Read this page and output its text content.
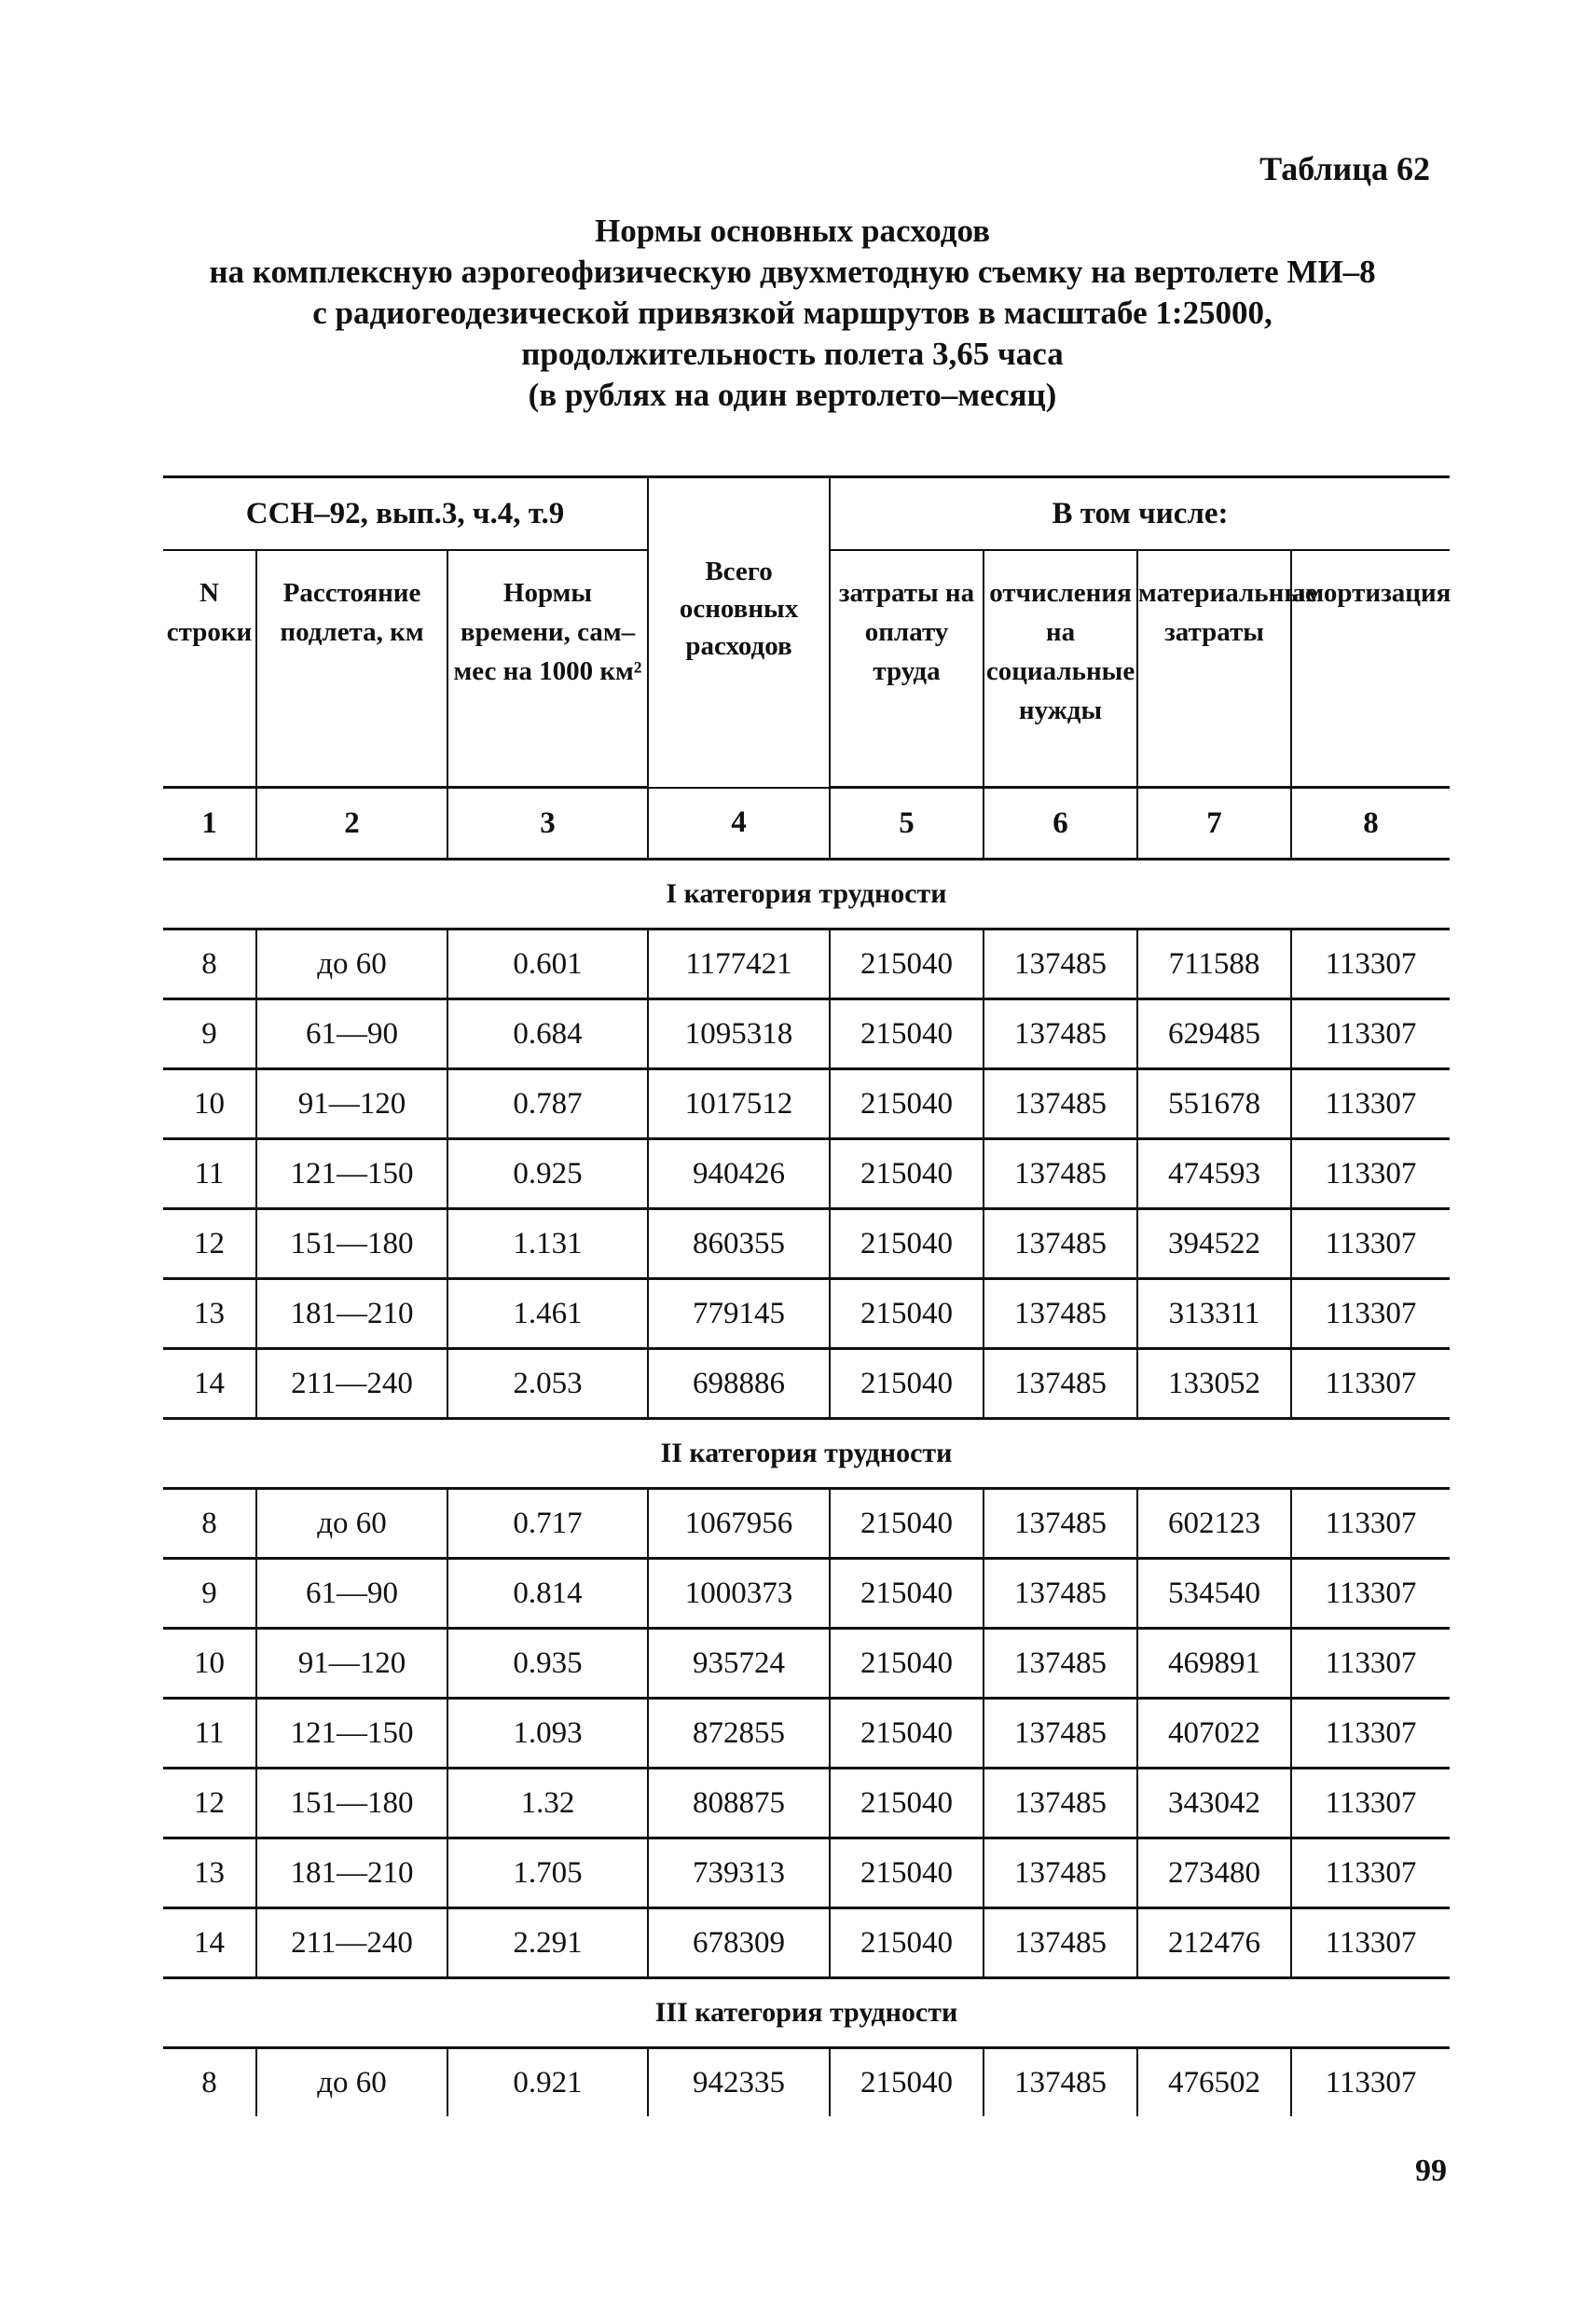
Таблица 62
Нормы основных расходов
на комплексную аэрогеофизическую двухметодную съемку на вертолете МИ–8
с радиогеодезической привязкой маршрутов в масштабе 1:25000,
продолжительность полета 3,65 часа
(в рублях на один вертолето–месяц)
ССН–92, вып.3, ч.4, т.9			Всего основных расходов	В том числе:			
N строки	Расстояние подлета, км	Нормы времени, сам–мес на 1000 км²		затраты на оплату труда	отчисления на социальные нужды	материальные затраты	амортизация
1	2	3	4	5	6	7	8
I категория трудности							
8	до 60	0.601	1177421	215040	137485	711588	113307
9	61—90	0.684	1095318	215040	137485	629485	113307
10	91—120	0.787	1017512	215040	137485	551678	113307
11	121—150	0.925	940426	215040	137485	474593	113307
12	151—180	1.131	860355	215040	137485	394522	113307
13	181—210	1.461	779145	215040	137485	313311	113307
14	211—240	2.053	698886	215040	137485	133052	113307
II категория трудности							
8	до 60	0.717	1067956	215040	137485	602123	113307
9	61—90	0.814	1000373	215040	137485	534540	113307
10	91—120	0.935	935724	215040	137485	469891	113307
11	121—150	1.093	872855	215040	137485	407022	113307
12	151—180	1.32	808875	215040	137485	343042	113307
13	181—210	1.705	739313	215040	137485	273480	113307
14	211—240	2.291	678309	215040	137485	212476	113307
III категория трудности							
8	до 60	0.921	942335	215040	137485	476502	113307
99
